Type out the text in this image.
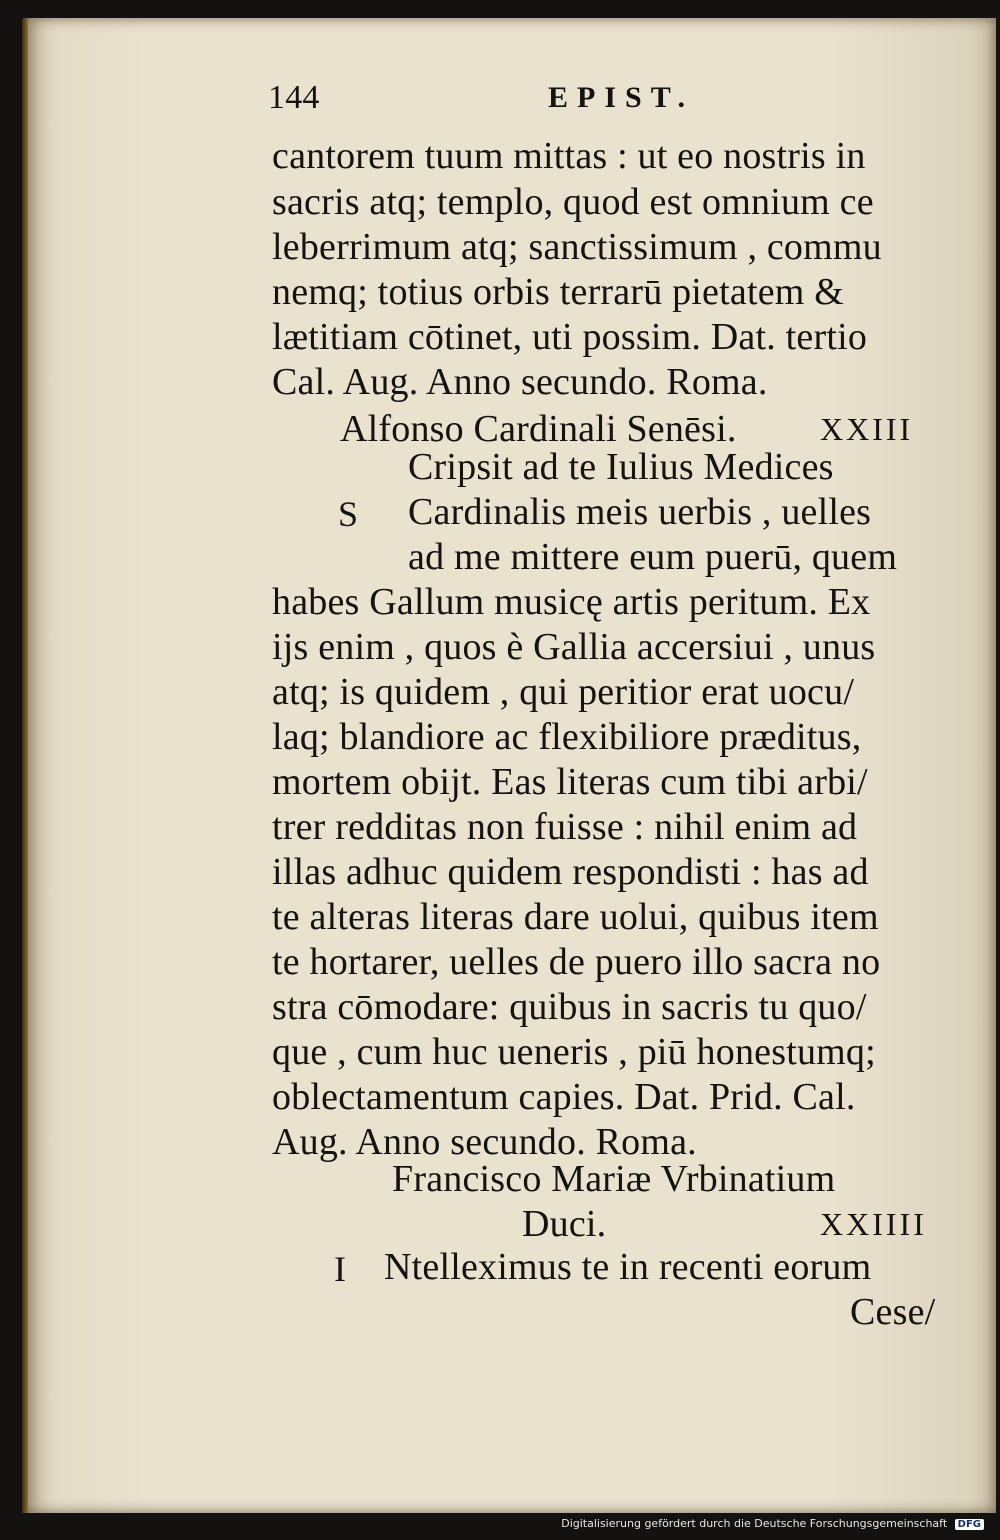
144	EPIST.
cantorem tuum mittas : ut eo nostris in
sacris atq; templo, quod est omnium ce
leberrimum atq; sanctissimum , commu
nemq; totius orbis terrarū pietatem &
lætitiam cōtinet, uti possim. Dat. tertio
Cal. Aug. Anno secundo. Roma.
Alfonso Cardinali Senēsi.	XXIII
Cripsit ad te Iulius Medices
S Cardinalis meis uerbis , uelles
ad me mittere eum puerū, quem
habes Gallum musicę artis peritum. Ex
ijs enim , quos è Gallia accersiui , unus
atq; is quidem , qui peritior erat uocu/
laq; blandiore ac flexibiliore præditus,
mortem obijt. Eas literas cum tibi arbi/
trer redditas non fuisse : nihil enim ad
illas adhuc quidem respondisti : has ad
te alteras literas dare uolui, quibus item
te hortarer, uelles de puero illo sacra no
stra cōmodare: quibus in sacris tu quo/
que , cum huc ueneris , piū honestumq;
oblectamentum capies. Dat. Prid. Cal.
Aug. Anno secundo. Roma.
Francisco Mariæ Vrbinatium
Duci.	XXIIII
I Ntelleximus te in recenti eorum
Cese/
Digitalisierung gefördert durch die Deutsche Forschungsgemeinschaft DFG
